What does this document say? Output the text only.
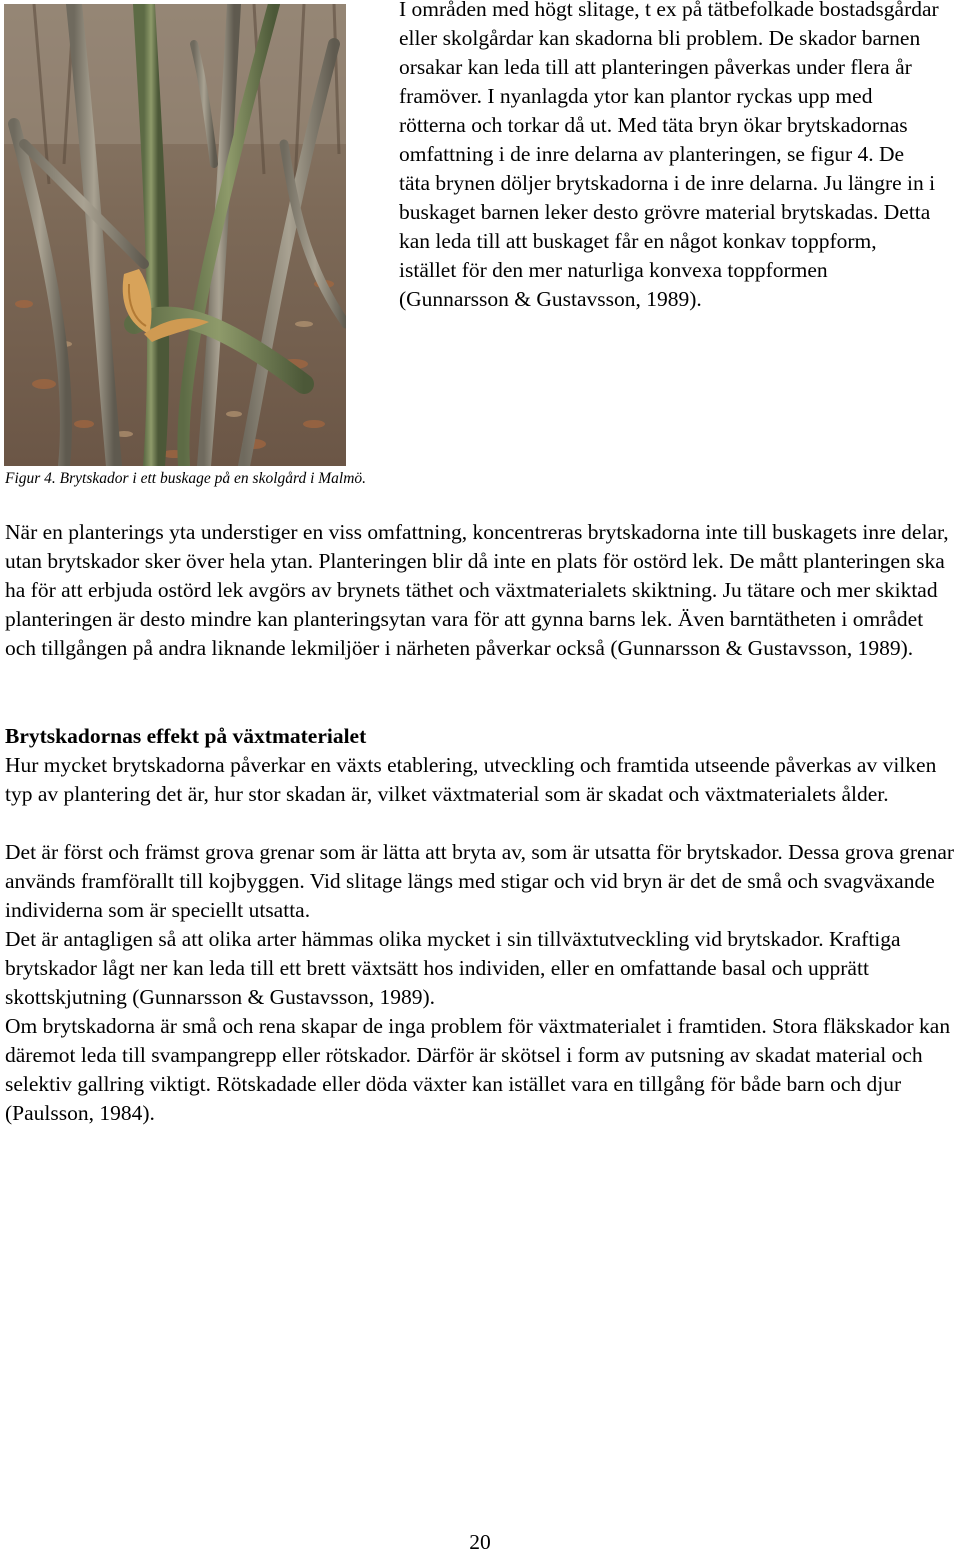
I områden med högt slitage, t ex på tätbefolkade bostadsgårdar eller skolgårdar kan skadorna bli problem. De skador barnen orsakar kan leda till att planteringen påverkas under flera år framöver. I nyanlagda ytor kan plantor ryckas upp med rötterna och torkar då ut. Med täta bryn ökar brytskadornas omfattning i de inre delarna av planteringen, se figur 4. De täta brynen döljer brytskadorna i de inre delarna. Ju längre in i buskaget barnen leker desto grövre material brytskadas. Detta kan leda till att buskaget får en något konkav toppform, istället för den mer naturliga konvexa toppformen (Gunnarsson & Gustavsson, 1989).

Figur 4. Brytskador i ett buskage på en skolgård i Malmö.

När en planterings yta understiger en viss omfattning, koncentreras brytskadorna inte till buskagets inre delar, utan brytskador sker över hela ytan. Planteringen blir då inte en plats för ostörd lek. De mått planteringen ska ha för att erbjuda ostörd lek avgörs av brynets täthet och växtmaterialets skiktning. Ju tätare och mer skiktad planteringen är desto mindre kan planteringsytan vara för att gynna barns lek. Även barntätheten i området och tillgången på andra liknande lekmiljöer i närheten påverkar också (Gunnarsson & Gustavsson, 1989).

Brytskadornas effekt på växtmaterialet

Hur mycket brytskadorna påverkar en växts etablering, utveckling och framtida utseende påverkas av vilken typ av plantering det är, hur stor skadan är, vilket växtmaterial som är skadat och växtmaterialets ålder.

Det är först och främst grova grenar som är lätta att bryta av, som är utsatta för brytskador. Dessa grova grenar används framförallt till kojbyggen. Vid slitage längs med stigar och vid bryn är det de små och svagväxande individerna som är speciellt utsatta.

Det är antagligen så att olika arter hämmas olika mycket i sin tillväxtutveckling vid brytskador. Kraftiga brytskador lågt ner kan leda till ett brett växtsätt hos individen, eller en omfattande basal och upprätt skottskjutning (Gunnarsson & Gustavsson, 1989).

Om brytskadorna är små och rena skapar de inga problem för växtmaterialet i framtiden. Stora fläkskador kan däremot leda till svampangrepp eller rötskador. Därför är skötsel i form av putsning av skadat material och selektiv gallring viktigt. Rötskadade eller döda växter kan istället vara en tillgång för både barn och djur (Paulsson, 1984).

20
